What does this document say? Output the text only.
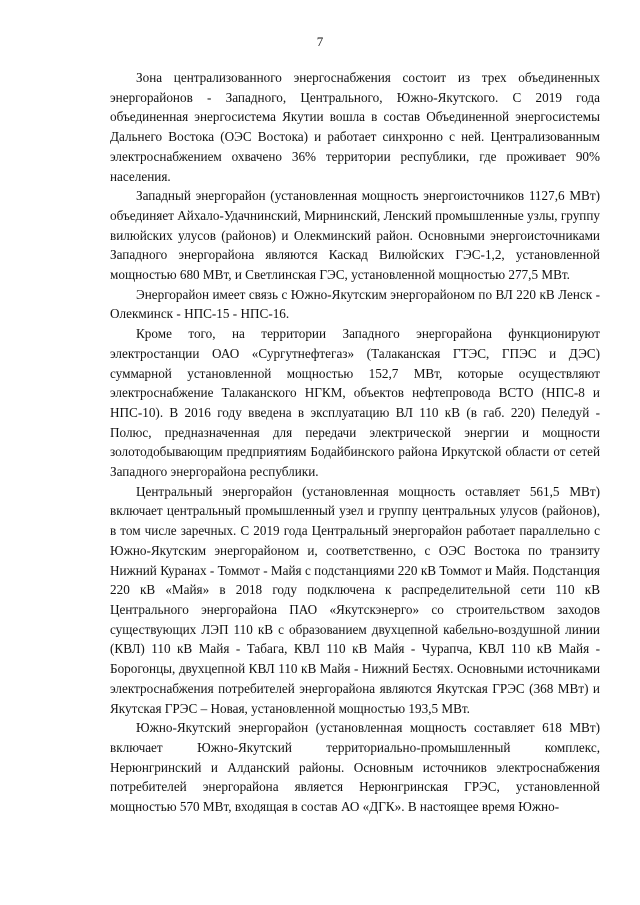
7

Зона централизованного энергоснабжения состоит из трех объединенных энергорайонов - Западного, Центрального, Южно-Якутского. С 2019 года объединенная энергосистема Якутии вошла в состав Объединенной энергосистемы Дальнего Востока (ОЭС Востока) и работает синхронно с ней. Централизованным электроснабжением охвачено 36% территории республики, где проживает 90% населения.

Западный энергорайон (установленная мощность энергоисточников 1127,6 МВт) объединяет Айхало-Удачнинский, Мирнинский, Ленский промышленные узлы, группу вилюйских улусов (районов) и Олекминский район. Основными энергоисточниками Западного энергорайона являются Каскад Вилюйских ГЭС-1,2, установленной мощностью 680 МВт, и Светлинская ГЭС, установленной мощностью 277,5 МВт.

Энергорайон имеет связь с Южно-Якутским энергорайоном по ВЛ 220 кВ Ленск - Олекминск - НПС-15 - НПС-16.

Кроме того, на территории Западного энергорайона функционируют электростанции ОАО «Сургутнефтегаз» (Талаканская ГТЭС, ГПЭС и ДЭС) суммарной установленной мощностью 152,7 МВт, которые осуществляют электроснабжение Талаканского НГКМ, объектов нефтепровода ВСТО (НПС-8 и НПС-10). В 2016 году введена в эксплуатацию ВЛ 110 кВ (в габ. 220) Пеледуй - Полюс, предназначенная для передачи электрической энергии и мощности золотодобывающим предприятиям Бодайбинского района Иркутской области от сетей Западного энергорайона республики.

Центральный энергорайон (установленная мощность оставляет 561,5 МВт) включает центральный промышленный узел и группу центральных улусов (районов), в том числе заречных. С 2019 года Центральный энергорайон работает параллельно с Южно-Якутским энергорайоном и, соответственно, с ОЭС Востока по транзиту Нижний Куранах - Томмот - Майя с подстанциями 220 кВ Томмот и Майя. Подстанция 220 кВ «Майя» в 2018 году подключена к распределительной сети 110 кВ Центрального энергорайона ПАО «Якутскэнерго» со строительством заходов существующих ЛЭП 110 кВ с образованием двухцепной кабельно-воздушной линии (КВЛ) 110 кВ Майя - Табага, КВЛ 110 кВ Майя - Чурапча, КВЛ 110 кВ Майя - Борогонцы, двухцепной КВЛ 110 кВ Майя - Нижний Бестях. Основными источниками электроснабжения потребителей энергорайона являются Якутская ГРЭС (368 МВт) и Якутская ГРЭС – Новая, установленной мощностью 193,5 МВт.

Южно-Якутский энергорайон (установленная мощность составляет 618 МВт) включает Южно-Якутский территориально-промышленный комплекс, Нерюнгринский и Алданский районы. Основным источников электроснабжения потребителей энергорайона является Нерюнгринская ГРЭС, установленной мощностью 570 МВт, входящая в состав АО «ДГК». В настоящее время Южно-
